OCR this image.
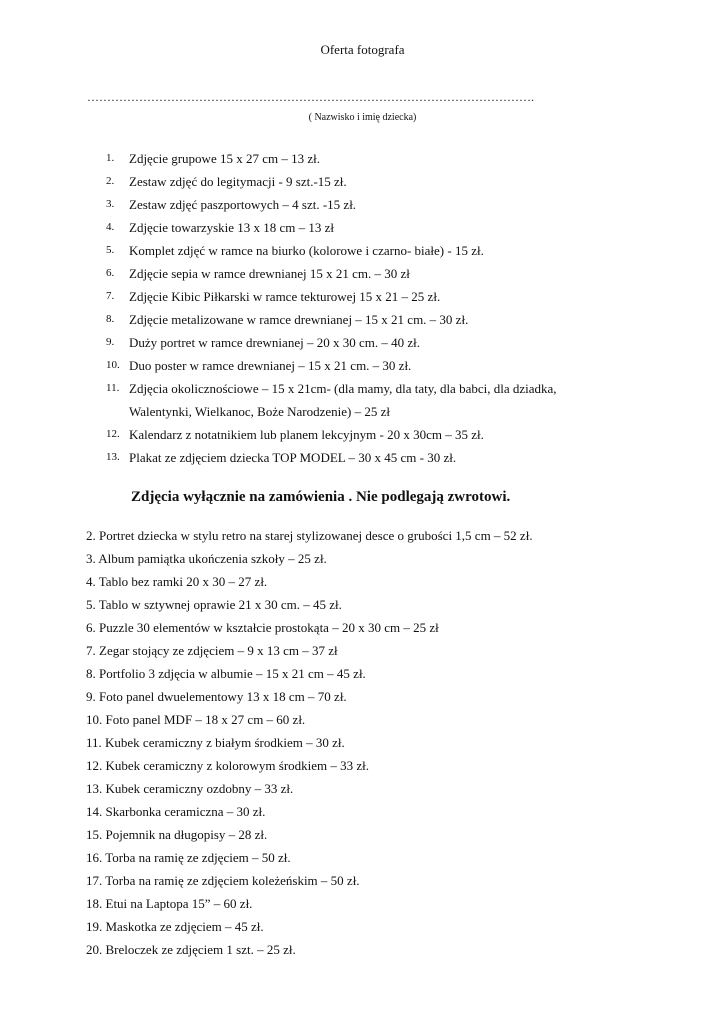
Oferta fotografa
………………………………………………………………………………………………….
( Nazwisko i imię dziecka)
1.	Zdjęcie grupowe 15 x 27 cm – 13 zł.
2.	Zestaw zdjęć do legitymacji - 9 szt.-15 zł.
3.	Zestaw zdjęć paszportowych – 4 szt. -15 zł.
4.	Zdjęcie towarzyskie 13 x 18 cm – 13 zł
5.	Komplet zdjęć w ramce na biurko (kolorowe i czarno- białe) - 15 zł.
6.	Zdjęcie sepia w ramce drewnianej 15 x 21 cm. – 30 zł
7.	Zdjęcie Kibic Piłkarski w ramce tekturowej 15 x 21 – 25 zł.
8.	Zdjęcie metalizowane w ramce drewnianej – 15 x 21 cm. – 30 zł.
9.	Duży portret w ramce drewnianej – 20 x 30 cm. – 40 zł.
10. Duo poster w ramce drewnianej – 15 x 21 cm. – 30 zł.
11. Zdjęcia okolicznościowe – 15 x 21cm- (dla mamy, dla taty, dla babci, dla dziadka,
Walentynki, Wielkanoc, Boże Narodzenie) – 25 zł
12. Kalendarz z notatnikiem lub planem lekcyjnym - 20 x 30cm – 35 zł.
13. Plakat ze zdjęciem dziecka TOP MODEL – 30 x 45 cm - 30 zł.
Zdjęcia wyłącznie na zamówienia . Nie podlegają zwrotowi.
2. Portret dziecka w stylu retro na starej stylizowanej desce o grubości 1,5 cm – 52 zł.
3. Album pamiątka ukończenia szkoły – 25 zł.
4. Tablo bez ramki 20 x 30 – 27 zł.
5. Tablo w sztywnej oprawie 21 x 30 cm. – 45 zł.
6. Puzzle 30 elementów w kształcie prostokąta – 20 x 30 cm – 25 zł
7. Zegar stojący ze zdjęciem – 9 x 13 cm – 37 zł
8. Portfolio 3 zdjęcia w albumie – 15 x 21 cm – 45 zł.
9. Foto panel dwuelementowy 13 x 18 cm – 70 zł.
10. Foto panel MDF – 18 x 27 cm – 60 zł.
11. Kubek ceramiczny z białym środkiem – 30 zł.
12. Kubek ceramiczny z kolorowym środkiem – 33 zł.
13. Kubek ceramiczny ozdobny – 33 zł.
14. Skarbonka ceramiczna – 30 zł.
15. Pojemnik na długopisy – 28 zł.
16. Torba na ramię ze zdjęciem – 50 zł.
17. Torba na ramię ze zdjęciem koleżeńskim – 50 zł.
18. Etui na Laptopa 15” – 60 zł.
19. Maskotka ze zdjęciem – 45 zł.
20. Breloczek ze zdjęciem 1 szt. – 25 zł.
